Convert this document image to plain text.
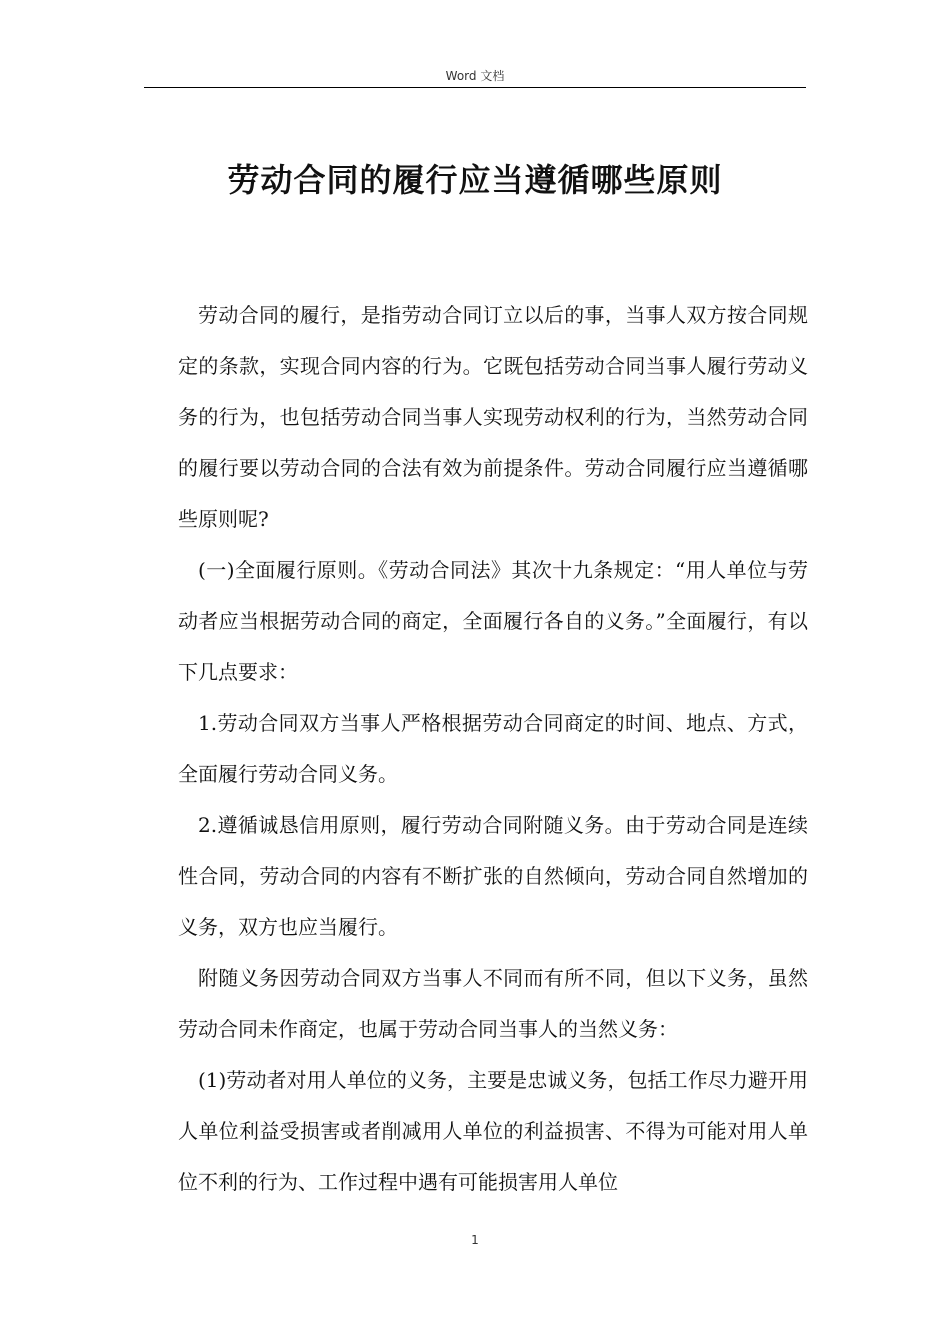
Word 文档
劳动合同的履行应当遵循哪些原则

劳动合同的履行，是指劳动合同订立以后的事，当事人双方按合同规定的条款，实现合同内容的行为。它既包括劳动合同当事人履行劳动义务的行为，也包括劳动合同当事人实现劳动权利的行为，当然劳动合同的履行要以劳动合同的合法有效为前提条件。劳动合同履行应当遵循哪些原则呢?

(一)全面履行原则。《劳动合同法》其次十九条规定：“用人单位与劳动者应当根据劳动合同的商定，全面履行各自的义务。”全面履行，有以下几点要求：

1.劳动合同双方当事人严格根据劳动合同商定的时间、地点、方式，全面履行劳动合同义务。

2.遵循诚恳信用原则，履行劳动合同附随义务。由于劳动合同是连续性合同，劳动合同的内容有不断扩张的自然倾向，劳动合同自然增加的义务，双方也应当履行。

附随义务因劳动合同双方当事人不同而有所不同，但以下义务，虽然劳动合同未作商定，也属于劳动合同当事人的当然义务：

(1)劳动者对用人单位的义务，主要是忠诚义务，包括工作尽力避开用人单位利益受损害或者削减用人单位的利益损害、不得为可能对用人单位不利的行为、工作过程中遇有可能损害用人单位

1
